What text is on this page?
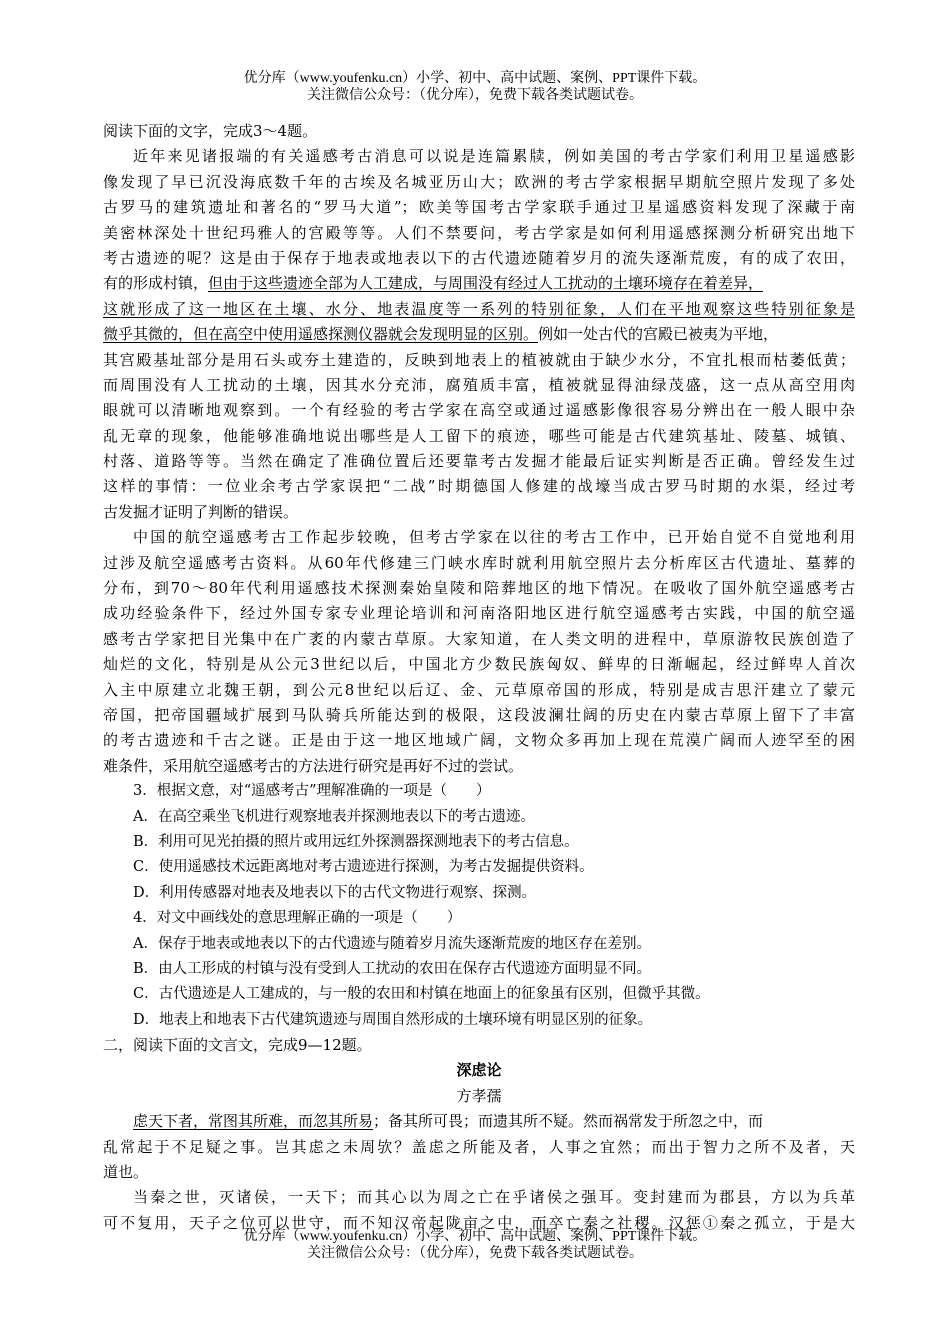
优分库（www.youfenku.cn）小学、初中、高中试题、案例、PPT课件下载。
关注微信公众号：（优分库），免费下载各类试题试卷。
阅读下面的文字，完成3～4题。
近年来见诸报端的有关遥感考古消息可以说是连篇累牍，例如美国的考古学家们利用卫星遥感影
像发现了早已沉没海底数千年的古埃及名城亚历山大；欧洲的考古学家根据早期航空照片发现了多处
古罗马的建筑遗址和著名的“罗马大道”；欧美等国考古学家联手通过卫星遥感资料发现了深藏于南
美密林深处十世纪玛雅人的宫殿等等。人们不禁要问，考古学家是如何利用遥感探测分析研究出地下
考古遗迹的呢？这是由于保存于地表或地表以下的古代遗迹随着岁月的流失逐渐荒废，有的成了农田，
有的形成村镇，但由于这些遗迹全部为人工建成，与周围没有经过人工扰动的土壤环境存在着差异，
这就形成了这一地区在土壤、水分、地表温度等一系列的特别征象，人们在平地观察这些特别征象是
微乎其微的，但在高空中使用遥感探测仪器就会发现明显的区别。例如一处古代的宫殿已被夷为平地，
其宫殿基址部分是用石头或夯土建造的，反映到地表上的植被就由于缺少水分，不宜扎根而枯萎低黄；
而周围没有人工扰动的土壤，因其水分充沛，腐殖质丰富，植被就显得油绿茂盛，这一点从高空用肉
眼就可以清晰地观察到。一个有经验的考古学家在高空或通过遥感影像很容易分辨出在一般人眼中杂
乱无章的现象，他能够准确地说出哪些是人工留下的痕迹，哪些可能是古代建筑基址、陵墓、城镇、
村落、道路等等。当然在确定了准确位置后还要靠考古发掘才能最后证实判断是否正确。曾经发生过
这样的事情：一位业余考古学家误把“二战”时期德国人修建的战壕当成古罗马时期的水渠，经过考
古发掘才证明了判断的错误。
中国的航空遥感考古工作起步较晚，但考古学家在以往的考古工作中，已开始自觉不自觉地利用
过涉及航空遥感考古资料。从60年代修建三门峡水库时就利用航空照片去分析库区古代遗址、墓葬的
分布，到70～80年代利用遥感技术探测秦始皇陵和陪葬地区的地下情况。在吸收了国外航空遥感考古
成功经验条件下，经过外国专家专业理论培训和河南洛阳地区进行航空遥感考古实践，中国的航空遥
感考古学家把目光集中在广袤的内蒙古草原。大家知道，在人类文明的进程中，草原游牧民族创造了
灿烂的文化，特别是从公元3世纪以后，中国北方少数民族匈奴、鲜卑的日渐崛起，经过鲜卑人首次
入主中原建立北魏王朝，到公元8世纪以后辽、金、元草原帝国的形成，特别是成吉思汗建立了蒙元
帝国，把帝国疆域扩展到马队骑兵所能达到的极限，这段波澜壮阔的历史在内蒙古草原上留下了丰富
的考古遗迹和千古之谜。正是由于这一地区地域广阔，文物众多再加上现在荒漠广阔而人迹罕至的困
难条件，采用航空遥感考古的方法进行研究是再好不过的尝试。
3．根据文意，对“遥感考古”理解准确的一项是（　　）
A．在高空乘坐飞机进行观察地表并探测地表以下的考古遗迹。
B．利用可见光拍摄的照片或用远红外探测器探测地表下的考古信息。
C．使用遥感技术远距离地对考古遗迹进行探测，为考古发掘提供资料。
D．利用传感器对地表及地表以下的古代文物进行观察、探测。
4．对文中画线处的意思理解正确的一项是（　　）
A．保存于地表或地表以下的古代遗迹与随着岁月流失逐渐荒废的地区存在差别。
B．由人工形成的村镇与没有受到人工扰动的农田在保存古代遗迹方面明显不同。
C．古代遗迹是人工建成的，与一般的农田和村镇在地面上的征象虽有区别，但微乎其微。
D．地表上和地表下古代建筑遗迹与周围自然形成的土壤环境有明显区别的征象。
二，阅读下面的文言文，完成9—12题。
深虑论
方孝孺
虑天下者，常图其所难，而忽其所易；备其所可畏；而遗其所不疑。然而祸常发于所忽之中，而
乱常起于不足疑之事。岂其虑之未周欤？盖虑之所能及者，人事之宜然；而出于智力之所不及者，天
道也。
当秦之世，灭诸侯，一天下；而其心以为周之亡在乎诸侯之强耳。变封建而为郡县，方以为兵革
可不复用，天子之位可以世守，而不知汉帝起陇亩之中，而卒亡秦之社稷。汉惩①秦之孤立，于是大
优分库（www.youfenku.cn）小学、初中、高中试题、案例、PPT课件下载。
关注微信公众号：（优分库），免费下载各类试题试卷。
